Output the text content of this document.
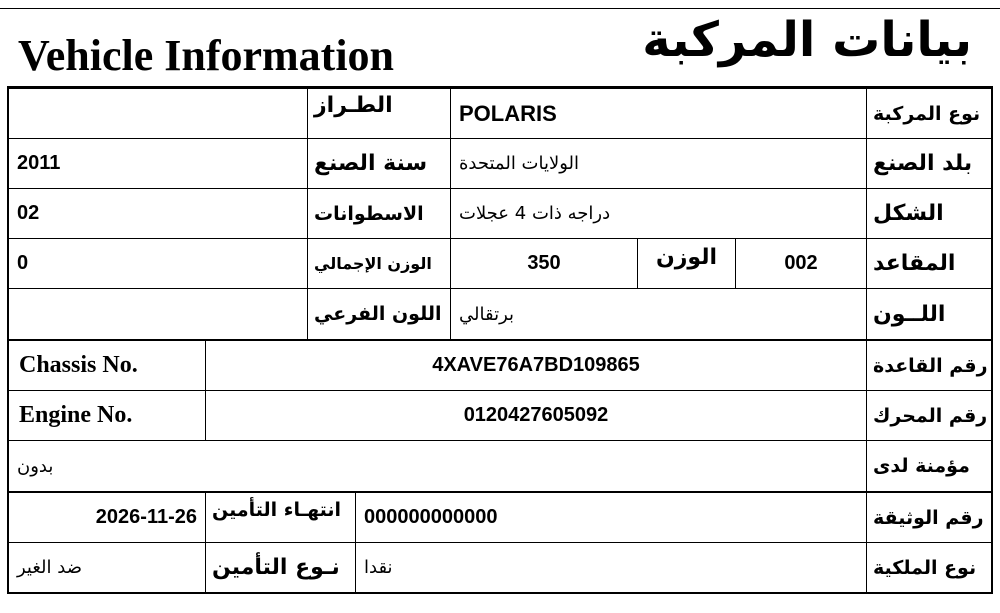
Vehicle Information	بيانات المركبة
نوع المركبة
POLARIS
الطـراز
بلد الصنع
الولايات المتحدة
سنة الصنع
2011
الشكل
دراجه ذات 4 عجلات
الاسطوانات
02
المقاعد
002
الوزن
350
الوزن الإجمالي
0
اللــون
برتقالي
اللون الفرعي
رقم القاعدة
4XAVE76A7BD109865
Chassis No.
رقم المحرك
0120427605092
Engine No.
مؤمنة لدى
بدون
رقم الوثيقة
000000000000
انتهـاء التأمين
2026-11-26
نوع الملكية
نقدا
نـوع التأمين
ضد الغير
